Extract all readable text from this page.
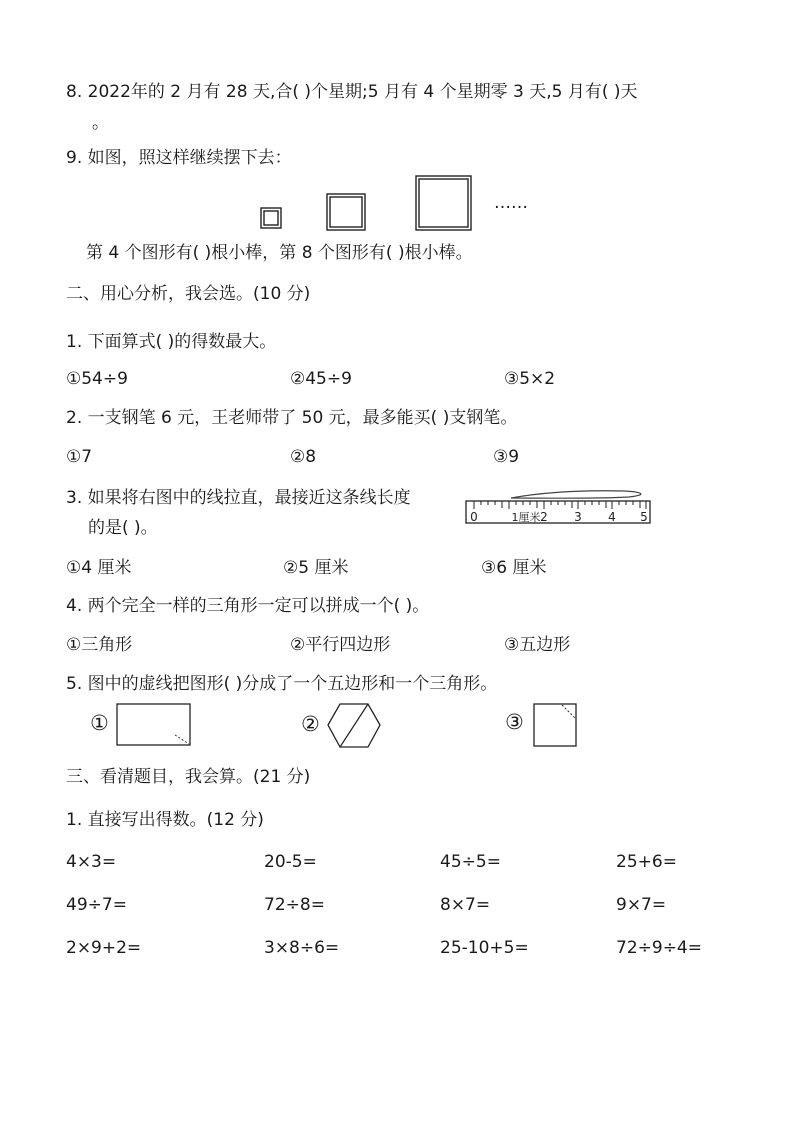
8. 2022年的 2 月有 28 天,合( )个星期;5 月有 4 个星期零 3 天,5 月有( )天
。
9. 如图，照这样继续摆下去：
……
第 4 个图形有( )根小棒，第 8 个图形有( )根小棒。
二、用心分析，我会选。(10 分)
1. 下面算式( )的得数最大。
①54÷9	②45÷9	③5×2
2. 一支钢笔 6 元，王老师带了 50 元，最多能买( )支钢笔。
①7	②8	③9
3. 如果将右图中的线拉直，最接近这条线长度
的是( )。
0	1厘米 2 3 4 5
①4 厘米	②5 厘米	③6 厘米
4. 两个完全一样的三角形一定可以拼成一个( )。
①三角形	②平行四边形	③五边形
5. 图中的虚线把图形( )分成了一个五边形和一个三角形。
①	②	③
三、看清题目，我会算。(21 分)
1. 直接写出得数。(12 分)
4×3=	20-5=	45÷5=	25+6=
49÷7=	72÷8=	8×7=	9×7=
2×9+2=	3×8÷6=	25-10+5=	72÷9÷4=
